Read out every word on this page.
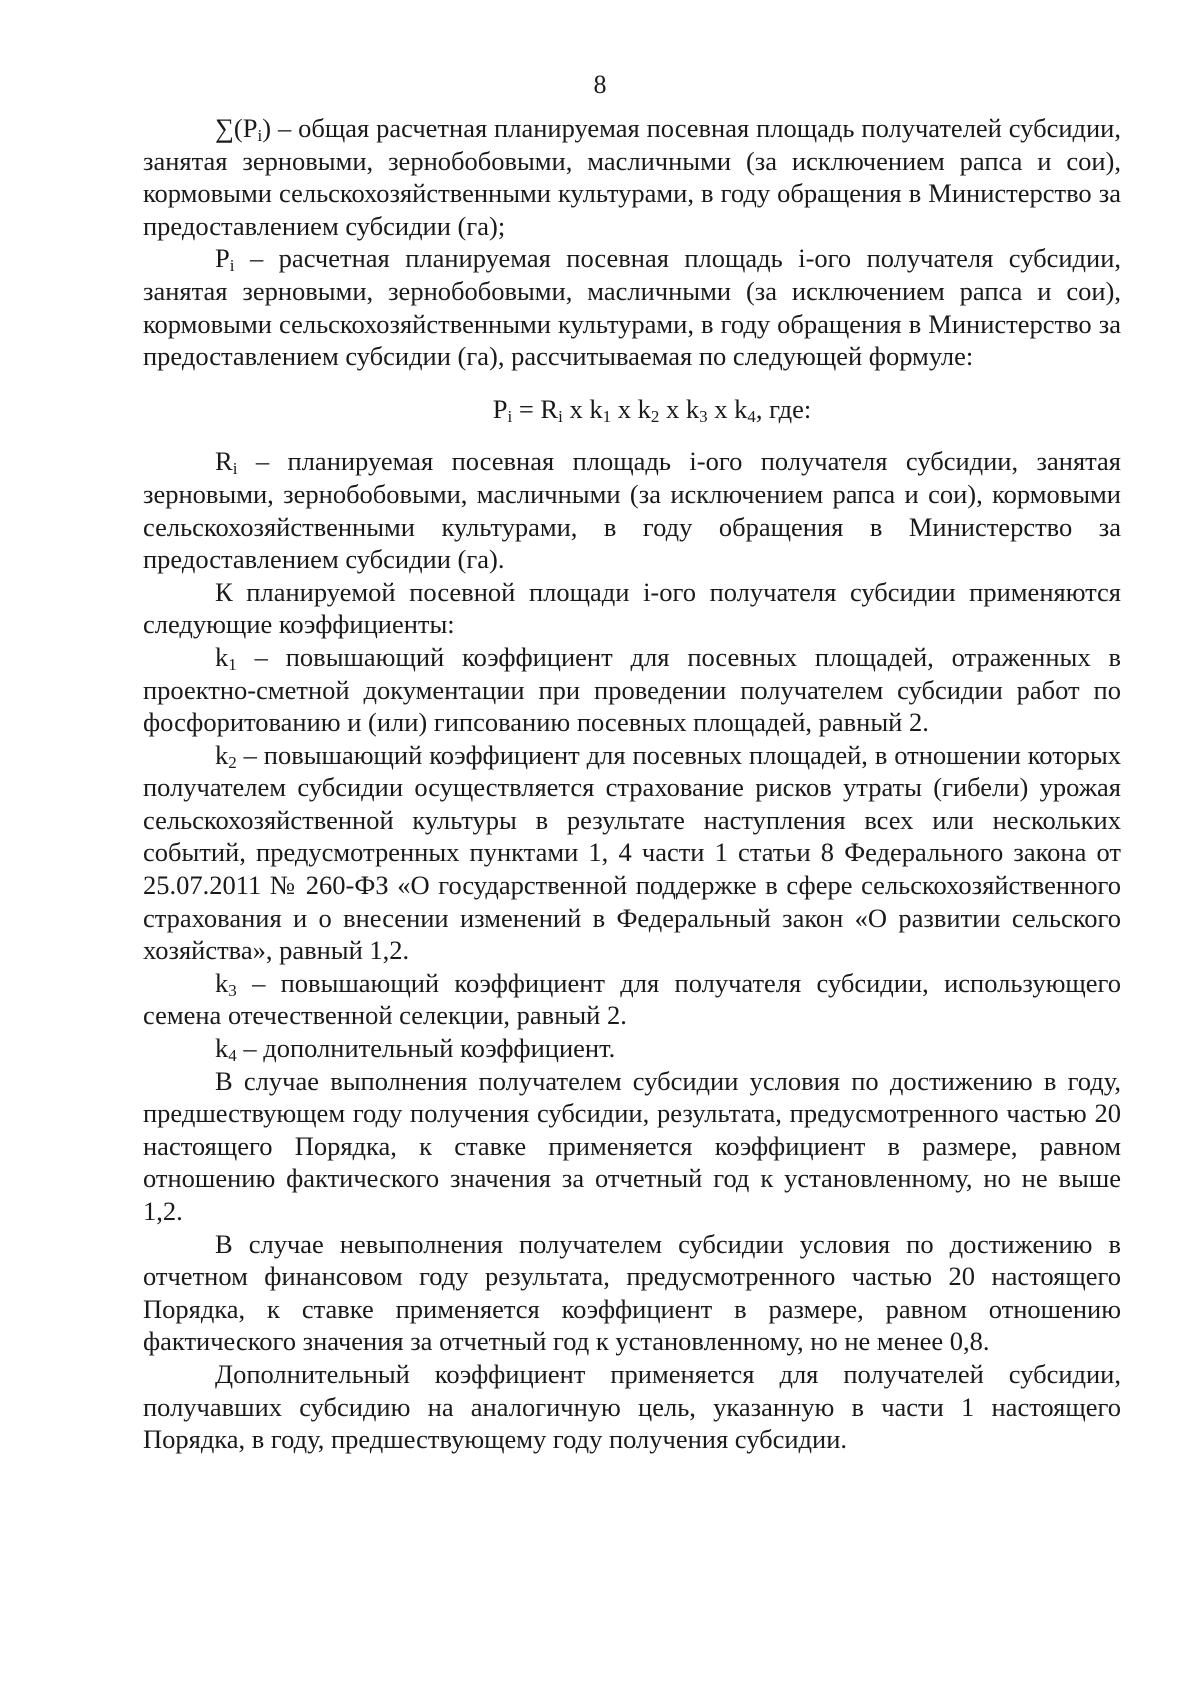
8

$\sum(P_i)$ – общая расчетная планируемая посевная площадь получателей субсидии, занятая зерновыми, зернобобовыми, масличными (за исключением рапса и сои), кормовыми сельскохозяйственными культурами, в году обращения в Министерство за предоставлением субсидии (га);

$P_i$ – расчетная планируемая посевная площадь i-ого получателя субсидии, занятая зерновыми, зернобобовыми, масличными (за исключением рапса и сои), кормовыми сельскохозяйственными культурами, в году обращения в Министерство за предоставлением субсидии (га), рассчитываемая по следующей формуле:

$P_i = R_i$ x $k_1$ x $k_2$ x $k_3$ x $k_4$, где:

$R_i$ – планируемая посевная площадь i-ого получателя субсидии, занятая зерновыми, зернобобовыми, масличными (за исключением рапса и сои), кормовыми сельскохозяйственными культурами, в году обращения в Министерство за предоставлением субсидии (га).

К планируемой посевной площади i-ого получателя субсидии применяются следующие коэффициенты:

$k_1$ – повышающий коэффициент для посевных площадей, отраженных в проектно-сметной документации при проведении получателем субсидии работ по фосфоритованию и (или) гипсованию посевных площадей, равный 2.

$k_2$ – повышающий коэффициент для посевных площадей, в отношении которых получателем субсидии осуществляется страхование рисков утраты (гибели) урожая сельскохозяйственной культуры в результате наступления всех или нескольких событий, предусмотренных пунктами 1, 4 части 1 статьи 8 Федерального закона от 25.07.2011 № 260-ФЗ «О государственной поддержке в сфере сельскохозяйственного страхования и о внесении изменений в Федеральный закон «О развитии сельского хозяйства», равный 1,2.

$k_3$ – повышающий коэффициент для получателя субсидии, использующего семена отечественной селекции, равный 2.

$k_4$ – дополнительный коэффициент.

В случае выполнения получателем субсидии условия по достижению в году, предшествующем году получения субсидии, результата, предусмотренного частью 20 настоящего Порядка, к ставке применяется коэффициент в размере, равном отношению фактического значения за отчетный год к установленному, но не выше 1,2.

В случае невыполнения получателем субсидии условия по достижению в отчетном финансовом году результата, предусмотренного частью 20 настоящего Порядка, к ставке применяется коэффициент в размере, равном отношению фактического значения за отчетный год к установленному, но не менее 0,8.

Дополнительный коэффициент применяется для получателей субсидии, получавших субсидию на аналогичную цель, указанную в части 1 настоящего Порядка, в году, предшествующему году получения субсидии.
